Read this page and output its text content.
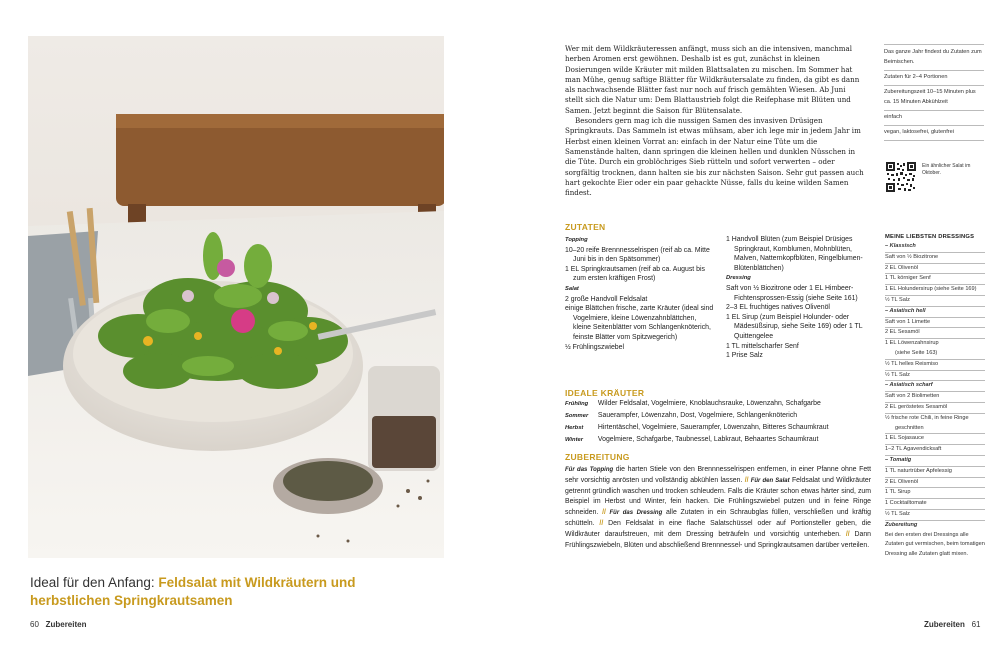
Ideal für den Anfang: Feldsalat mit Wildkräutern und
herbstlichen Springkrautsamen
60 Zubereiten	Zubereiten 61

Wer mit dem Wildkräuteressen anfängt, muss sich an die intensiven, manchmal herben Aromen erst gewöhnen. Deshalb ist es gut, zunächst in kleinen Dosierungen wilde Kräuter mit milden Blattsalaten zu mischen. Im Sommer hat man Mühe, genug saftige Blätter für Wildkräutersalate zu finden, da gibt es dann als nachwachsende Blätter fast nur noch auf frisch gemähten Wiesen. Ab Juni stellt sich die Natur um: Dem Blattaustrieb folgt die Reifephase mit Blüten und Samen. Jetzt beginnt die Saison für Blütensalate.

Besonders gern mag ich die nussigen Samen des invasiven Drüsigen Springkrauts. Das Sammeln ist etwas mühsam, aber ich lege mir in jedem Jahr im Herbst einen kleinen Vorrat an: einfach in der Natur eine Tüte um die Samenstände halten, dann springen die kleinen hellen und dunklen Nüsschen in die Tüte. Durch ein groblöchriges Sieb rütteln und sofort verwerten – oder sorgfältig trocknen, dann halten sie bis zur nächsten Saison. Sehr gut passen auch hart gekochte Eier oder ein paar gehackte Nüsse, falls du keine wilden Samen findest.

Das ganze Jahr findest du Zutaten zum Beimischen.
Zutaten für 2–4 Portionen
Zubereitungszeit 10–15 Minuten plus ca. 15 Minuten Abkühlzeit
einfach
vegan, laktosefrei, glutenfrei
Ein ähnlicher Salat im Oktober.
ZUTATEN
Topping
10–20 reife Brennnesselrispen (reif ab ca. Mitte Juni bis in den Spätsommer)
1 EL Springkrautsamen (reif ab ca. August bis zum ersten kräftigen Frost)
Salat
2 große Handvoll Feldsalat
einige Blättchen frische, zarte Kräuter (ideal sind Vogelmiere, kleine Löwenzahnblättchen, kleine Seitenblätter vom Schlangenknöterich, feinste Blätter vom Spitzwegerich)
½ Frühlingszwiebel
1 Handvoll Blüten (zum Beispiel Drüsiges Springkraut, Kornblumen, Mohnblüten, Malven, Natternkopfblüten, Ringelblumen-Blütenblättchen)
Dressing
Saft von ½ Biozitrone oder 1 EL Himbeer-Fichtensprossen-Essig (siehe Seite 161)
2–3 EL fruchtiges natives Olivenöl
1 EL Sirup (zum Beispiel Holunder- oder Mädesüßsirup, siehe Seite 169) oder 1 TL Quittengelee
1 TL mittelscharfer Senf
1 Prise Salz
IDEALE KRÄUTER
Frühling Wilder Feldsalat, Vogelmiere, Knoblauchsrauke, Löwenzahn, Schafgarbe
Sommer Sauerampfer, Löwenzahn, Dost, Vogelmiere, Schlangenknöterich
Herbst Hirtentäschel, Vogelmiere, Sauerampfer, Löwenzahn, Bitteres Schaumkraut
Winter Vogelmiere, Schafgarbe, Taubnessel, Labkraut, Behaartes Schaumkraut
ZUBEREITUNG

Für das Topping die harten Stiele von den Brennnesselrispen entfernen, in einer Pfanne ohne Fett sehr vorsichtig anrösten und vollständig abkühlen lassen. // Für den Salat Feldsalat und Wildkräuter getrennt gründlich waschen und trocken schleudern. Falls die Kräuter schon etwas härter sind, zum Beispiel im Herbst und Winter, fein hacken. Die Frühlingszwiebel putzen und in feine Ringe schneiden. // Für das Dressing alle Zutaten in ein Schraubglas füllen, verschließen und kräftig schütteln. // Den Feldsalat in eine flache Salatschüssel oder auf Portionsteller geben, die Wildkräuter daraufstreuen, mit dem Dressing beträufeln und vorsichtig unterheben. // Dann Frühlingszwiebeln, Blüten und abschließend Brennnessel- und Springkrautsamen darüber verteilen.

MEINE LIEBSTEN DRESSINGS
– Klassisch
Saft von ½ Biozitrone
2 EL Olivenöl
1 TL körniger Senf
1 EL Holundersirup (siehe Seite 169)
½ TL Salz
– Asiatisch hell
Saft von 1 Limette
2 EL Sesamöl
1 EL Löwenzahnsirup
(siehe Seite 163)
½ TL helles Reismiso
½ TL Salz
– Asiatisch scharf
Saft von 2 Biolimetten
2 EL geröstetes Sesamöl
½ frische rote Chili, in feine Ringe
geschnitten
1 EL Sojasauce
1–2 TL Agavendicksaft
– Tomatig
1 TL naturtrüber Apfelessig
2 EL Olivenöl
1 TL Sirup
1 Cocktailtomate
½ TL Salz
Zubereitung
Bei den ersten drei Dressings alle Zutaten gut vermischen, beim tomatigen Dressing alle Zutaten glatt mixen.
